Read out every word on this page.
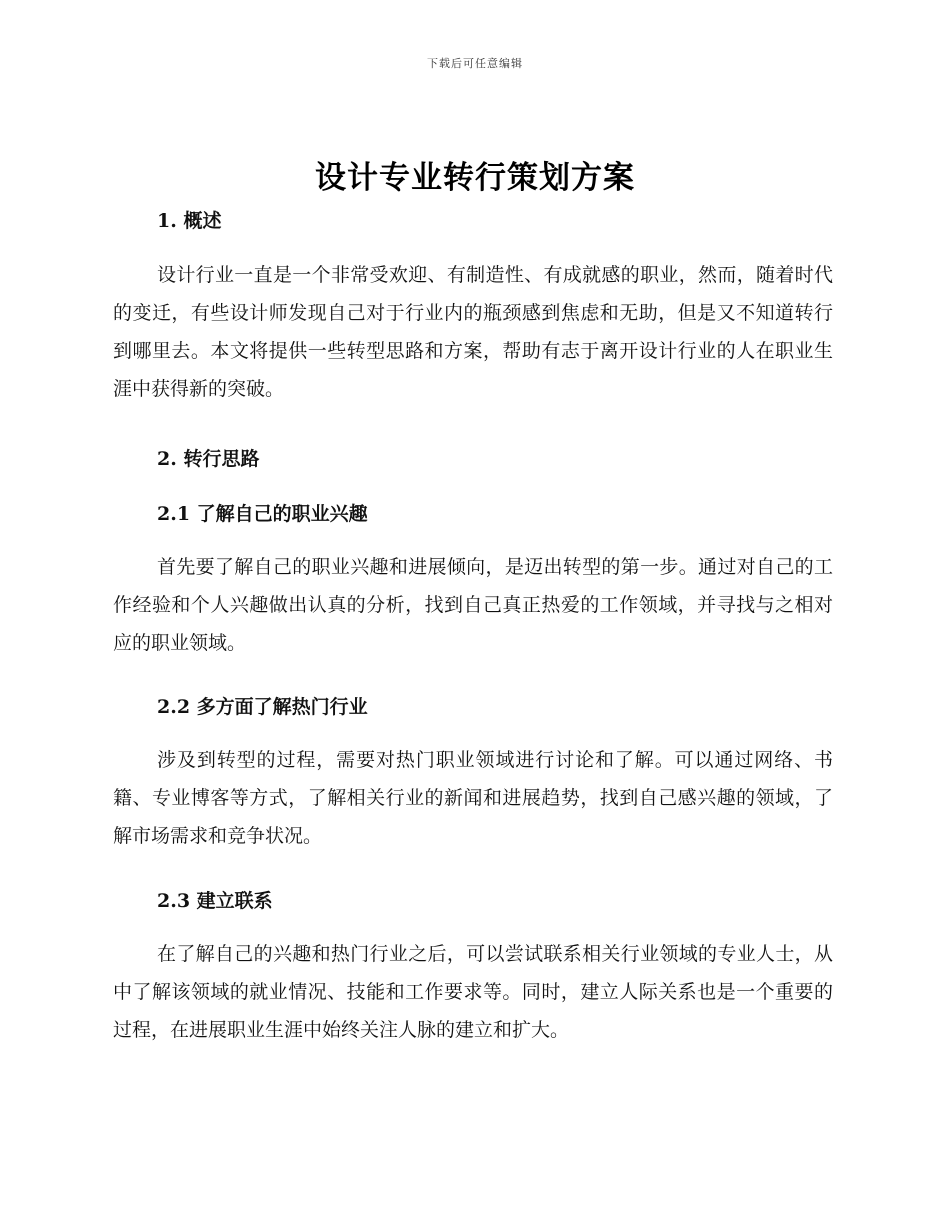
下载后可任意编辑
设计专业转行策划方案
1. 概述

设计行业一直是一个非常受欢迎、有制造性、有成就感的职业，然而，随着时代的变迁，有些设计师发现自己对于行业内的瓶颈感到焦虑和无助，但是又不知道转行到哪里去。本文将提供一些转型思路和方案，帮助有志于离开设计行业的人在职业生涯中获得新的突破。

2. 转行思路
2.1 了解自己的职业兴趣

首先要了解自己的职业兴趣和进展倾向，是迈出转型的第一步。通过对自己的工作经验和个人兴趣做出认真的分析，找到自己真正热爱的工作领域，并寻找与之相对应的职业领域。

2.2 多方面了解热门行业

涉及到转型的过程，需要对热门职业领域进行讨论和了解。可以通过网络、书籍、专业博客等方式，了解相关行业的新闻和进展趋势，找到自己感兴趣的领域，了解市场需求和竞争状况。

2.3 建立联系

在了解自己的兴趣和热门行业之后，可以尝试联系相关行业领域的专业人士，从中了解该领域的就业情况、技能和工作要求等。同时，建立人际关系也是一个重要的过程，在进展职业生涯中始终关注人脉的建立和扩大。
